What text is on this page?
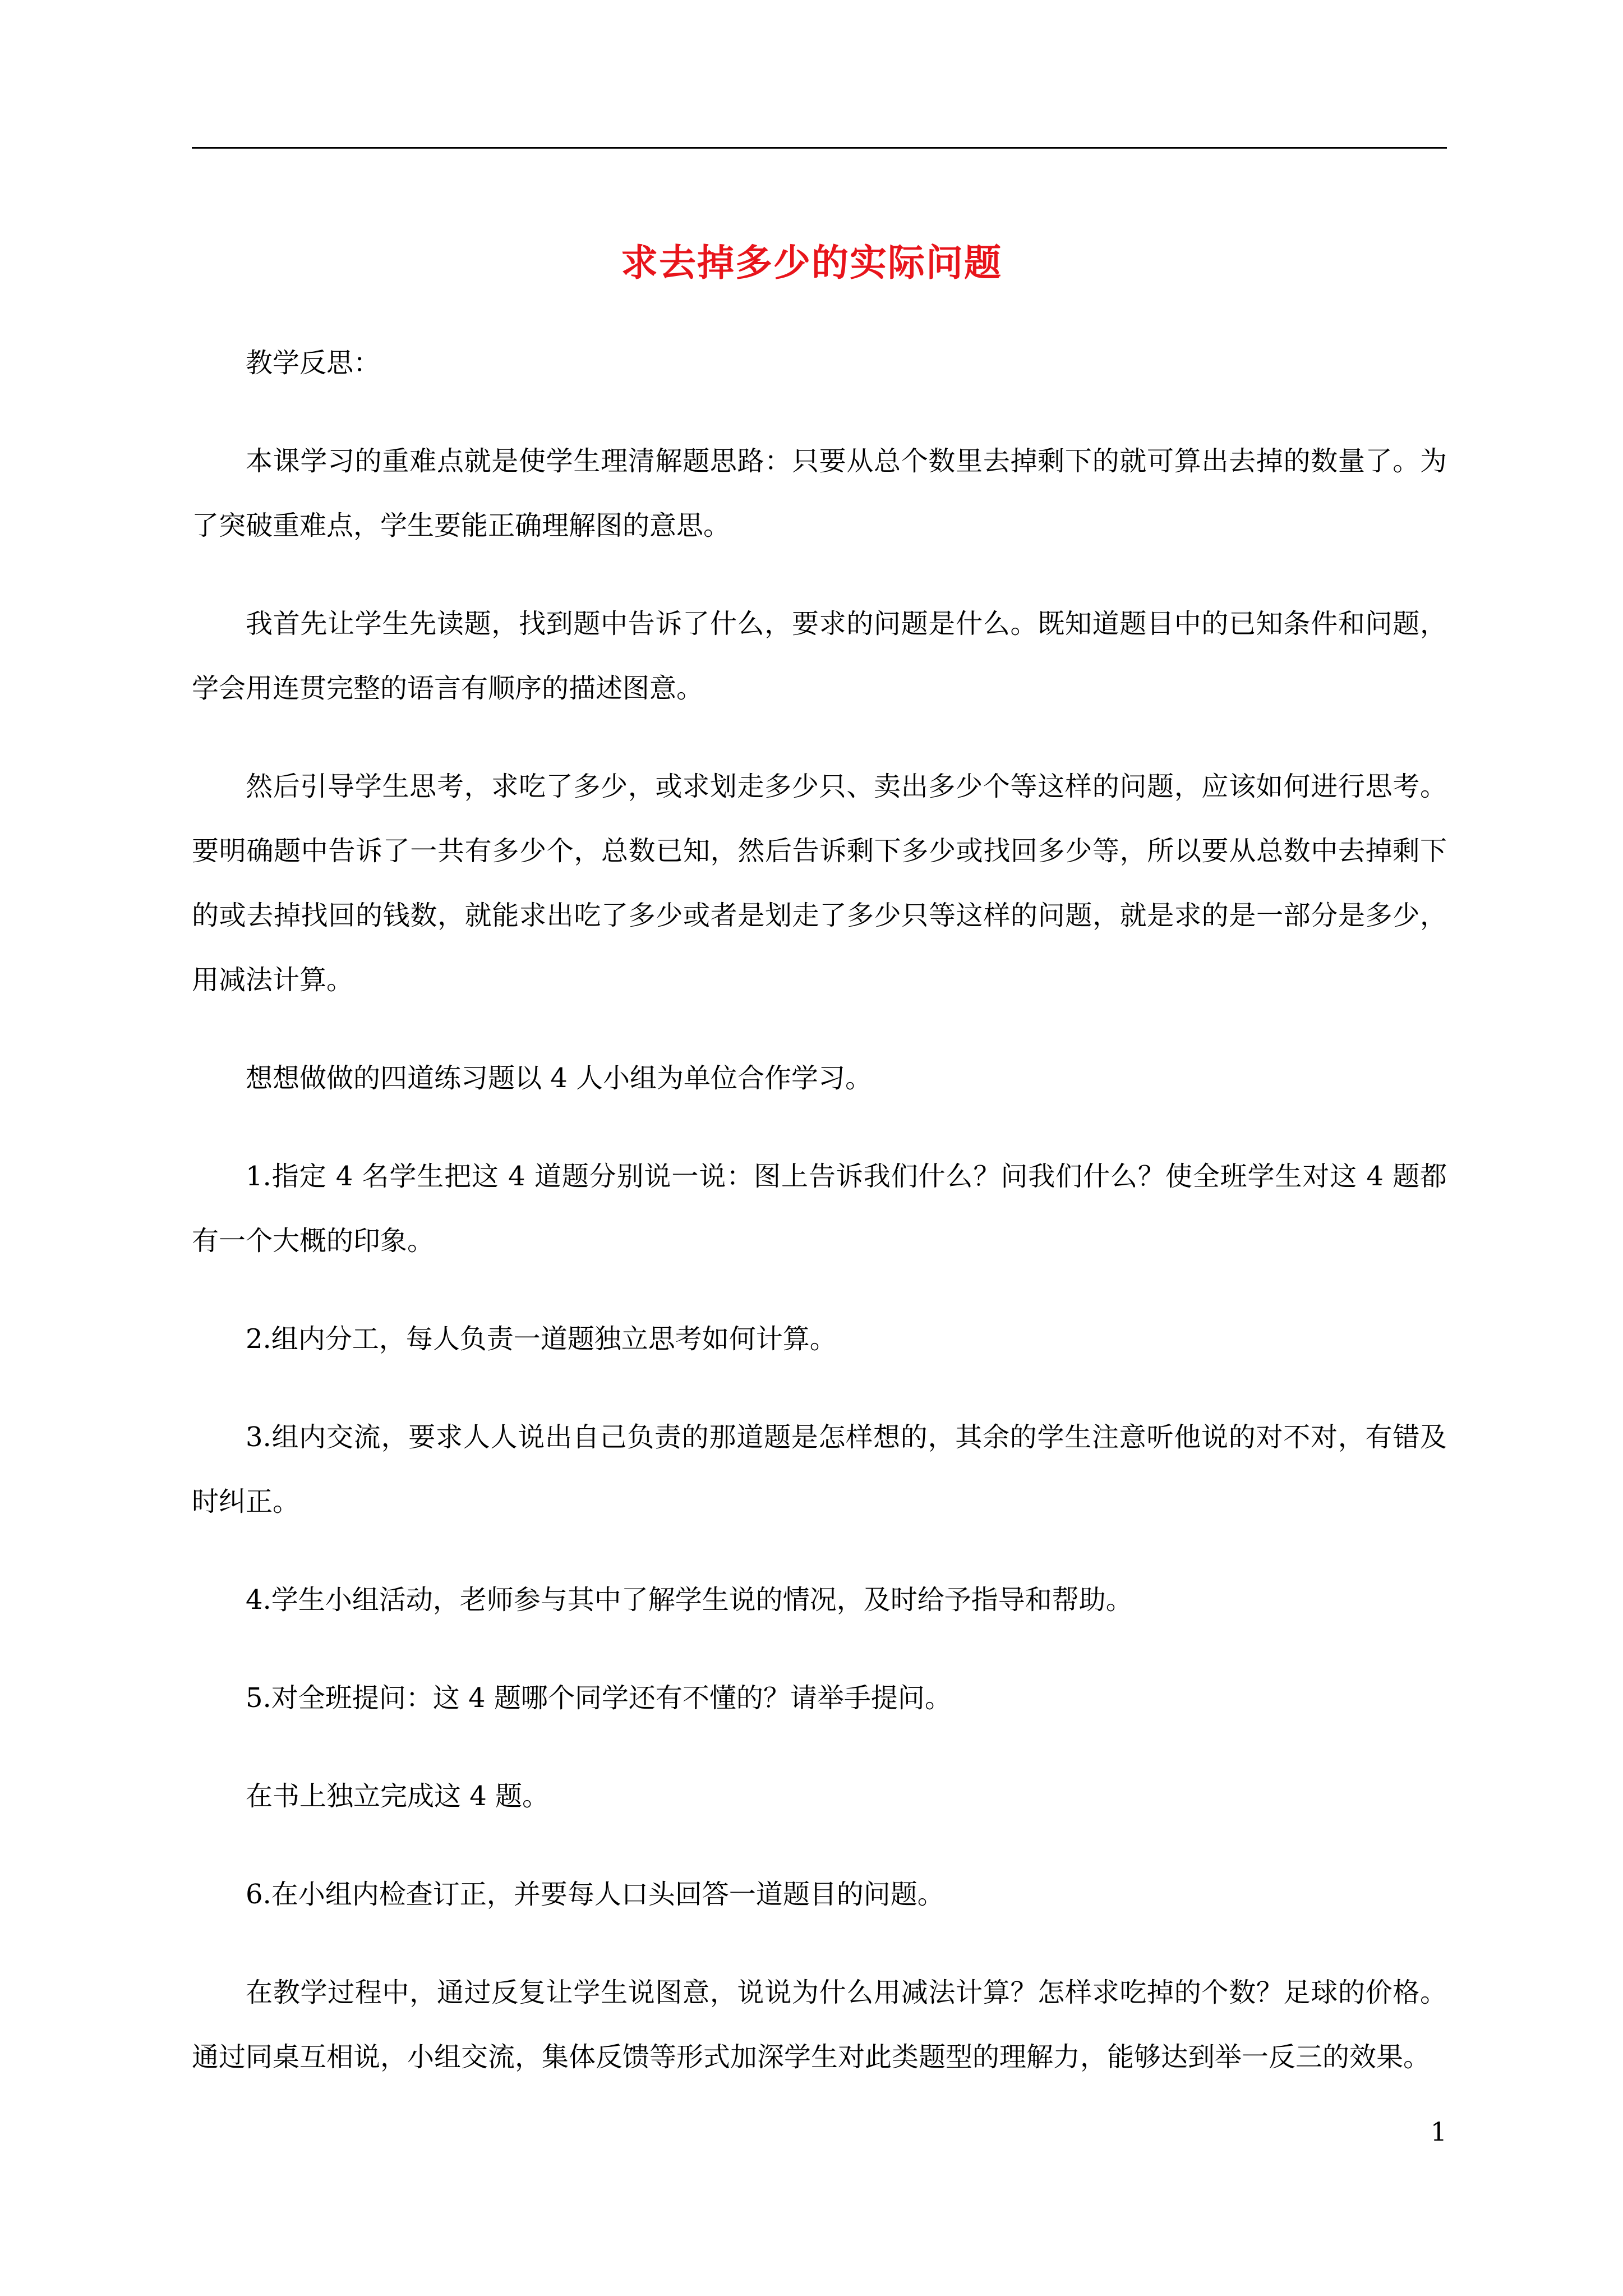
求去掉多少的实际问题

教学反思：

本课学习的重难点就是使学生理清解题思路：只要从总个数里去掉剩下的就可算出去掉的数量了。为了突破重难点，学生要能正确理解图的意思。

我首先让学生先读题，找到题中告诉了什么，要求的问题是什么。既知道题目中的已知条件和问题，学会用连贯完整的语言有顺序的描述图意。

然后引导学生思考，求吃了多少，或求划走多少只、卖出多少个等这样的问题，应该如何进行思考。要明确题中告诉了一共有多少个，总数已知，然后告诉剩下多少或找回多少等，所以要从总数中去掉剩下的或去掉找回的钱数，就能求出吃了多少或者是划走了多少只等这样的问题，就是求的是一部分是多少，用减法计算。

想想做做的四道练习题以 4 人小组为单位合作学习。

1.指定 4 名学生把这 4 道题分别说一说：图上告诉我们什么？问我们什么？使全班学生对这 4 题都有一个大概的印象。

2.组内分工，每人负责一道题独立思考如何计算。

3.组内交流，要求人人说出自己负责的那道题是怎样想的，其余的学生注意听他说的对不对，有错及时纠正。

4.学生小组活动，老师参与其中了解学生说的情况，及时给予指导和帮助。

5.对全班提问：这 4 题哪个同学还有不懂的？请举手提问。

在书上独立完成这 4 题。

6.在小组内检查订正，并要每人口头回答一道题目的问题。

在教学过程中，通过反复让学生说图意，说说为什么用减法计算？怎样求吃掉的个数？足球的价格。通过同桌互相说，小组交流，集体反馈等形式加深学生对此类题型的理解力，能够达到举一反三的效果。

1
